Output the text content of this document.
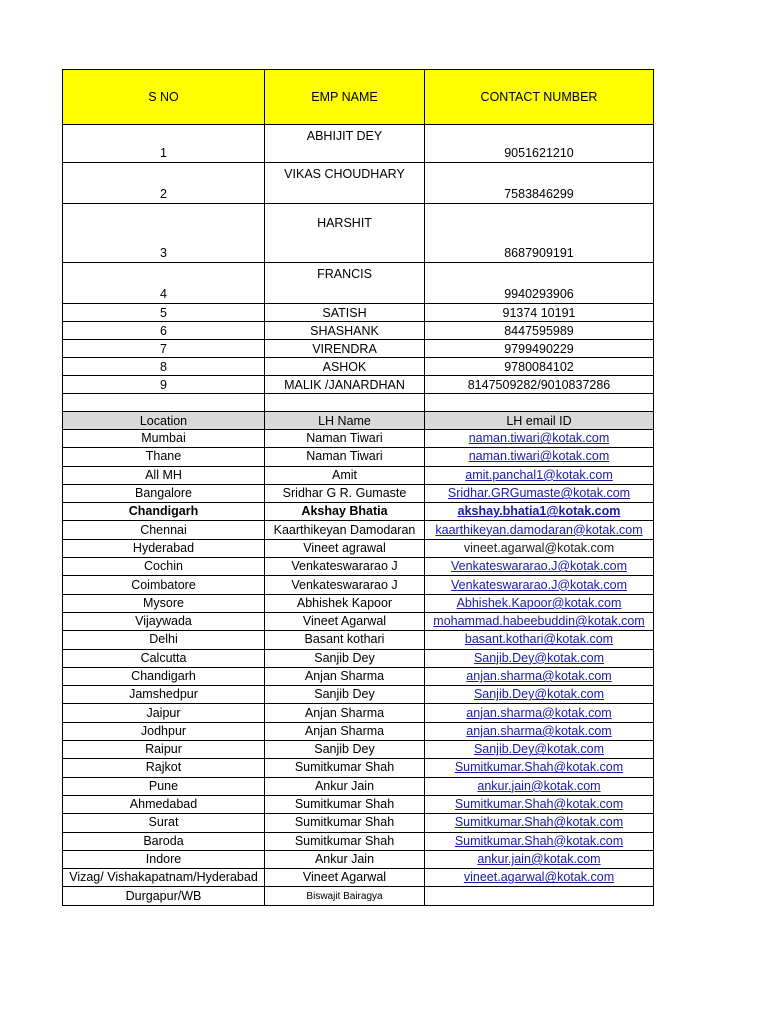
S NO	EMP NAME	CONTACT NUMBER
1	ABHIJIT DEY	9051621210
2	VIKAS CHOUDHARY	7583846299
3	HARSHIT	8687909191
4	FRANCIS	9940293906
5	SATISH	91374 10191
6	SHASHANK	8447595989
7	VIRENDRA	9799490229
8	ASHOK	9780084102
9	MALIK /JANARDHAN	8147509282/9010837286

Location	LH Name	LH email ID
Mumbai	Naman Tiwari	naman.tiwari@kotak.com
Thane	Naman Tiwari	naman.tiwari@kotak.com
All MH	Amit	amit.panchal1@kotak.com
Bangalore	Sridhar G R. Gumaste	Sridhar.GRGumaste@kotak.com
Chandigarh	Akshay Bhatia	akshay.bhatia1@kotak.com
Chennai	Kaarthikeyan Damodaran	kaarthikeyan.damodaran@kotak.com
Hyderabad	Vineet agrawal	vineet.agarwal@kotak.com
Cochin	Venkateswararao J	Venkateswararao.J@kotak.com
Coimbatore	Venkateswararao J	Venkateswararao.J@kotak.com
Mysore	Abhishek Kapoor	Abhishek.Kapoor@kotak.com
Vijaywada	Vineet Agarwal	mohammad.habeebuddin@kotak.com
Delhi	Basant kothari	basant.kothari@kotak.com
Calcutta	Sanjib Dey	Sanjib.Dey@kotak.com
Chandigarh	Anjan Sharma	anjan.sharma@kotak.com
Jamshedpur	Sanjib Dey	Sanjib.Dey@kotak.com
Jaipur	Anjan Sharma	anjan.sharma@kotak.com
Jodhpur	Anjan Sharma	anjan.sharma@kotak.com
Raipur	Sanjib Dey	Sanjib.Dey@kotak.com
Rajkot	Sumitkumar Shah	Sumitkumar.Shah@kotak.com
Pune	Ankur Jain	ankur.jain@kotak.com
Ahmedabad	Sumitkumar Shah	Sumitkumar.Shah@kotak.com
Surat	Sumitkumar Shah	Sumitkumar.Shah@kotak.com
Baroda	Sumitkumar Shah	Sumitkumar.Shah@kotak.com
Indore	Ankur Jain	ankur.jain@kotak.com
Vizag/ Vishakapatnam/Hyderabad	Vineet Agarwal	vineet.agarwal@kotak.com
Durgapur/WB	Biswajit Bairagya	
